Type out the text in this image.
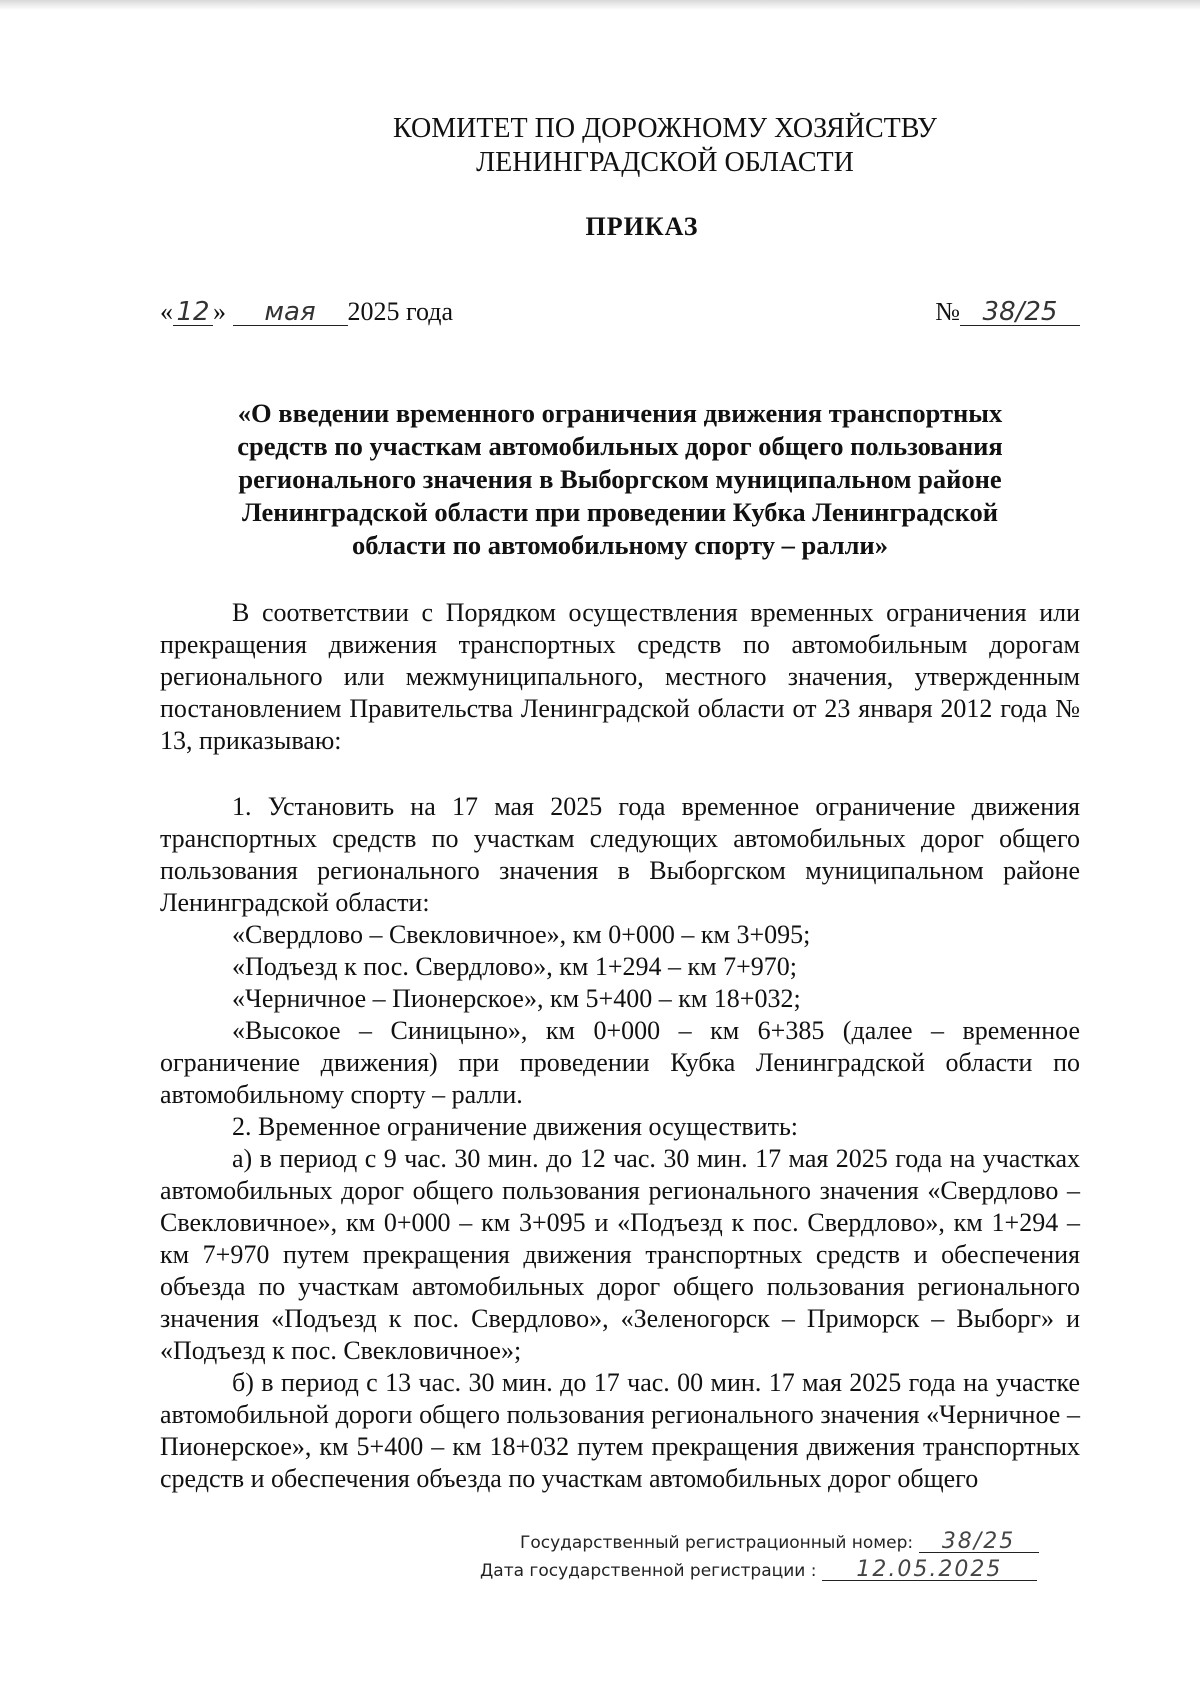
КОМИТЕТ ПО ДОРОЖНОМУ ХОЗЯЙСТВУ
ЛЕНИНГРАДСКОЙ ОБЛАСТИ
ПРИКАЗ
« 12 » мая 2025 года	№ 38/25
«О введении временного ограничения движения транспортных
средств по участкам автомобильных дорог общего пользования
регионального значения в Выборгском муниципальном районе
Ленинградской области при проведении Кубка Ленинградской
области по автомобильному спорту – ралли»

В соответствии с Порядком осуществления временных ограничения или прекращения движения транспортных средств по автомобильным дорогам регионального или межмуниципального, местного значения, утвержденным постановлением Правительства Ленинградской области от 23 января 2012 года № 13, приказываю:

1. Установить на 17 мая 2025 года временное ограничение движения транспортных средств по участкам следующих автомобильных дорог общего пользования регионального значения в Выборгском муниципальном районе Ленинградской области:

«Свердлово – Свекловичное», км 0+000 – км 3+095;

«Подъезд к пос. Свердлово», км 1+294 – км 7+970;

«Черничное – Пионерское», км 5+400 – км 18+032;

«Высокое – Синицыно», км 0+000 – км 6+385 (далее – временное ограничение движения) при проведении Кубка Ленинградской области по автомобильному спорту – ралли.

2. Временное ограничение движения осуществить:

а) в период с 9 час. 30 мин. до 12 час. 30 мин. 17 мая 2025 года на участках автомобильных дорог общего пользования регионального значения «Свердлово – Свекловичное», км 0+000 – км 3+095 и «Подъезд к пос. Свердлово», км 1+294 – км 7+970 путем прекращения движения транспортных средств и обеспечения объезда по участкам автомобильных дорог общего пользования регионального значения «Подъезд к пос. Свердлово», «Зеленогорск – Приморск – Выборг» и «Подъезд к пос. Свекловичное»;

б) в период с 13 час. 30 мин. до 17 час. 00 мин. 17 мая 2025 года на участке автомобильной дороги общего пользования регионального значения «Черничное – Пионерское», км 5+400 – км 18+032 путем прекращения движения транспортных средств и обеспечения объезда по участкам автомобильных дорог общего

Государственный регистрационный номер: 38/25
Дата государственной регистрации : 12.05.2025
